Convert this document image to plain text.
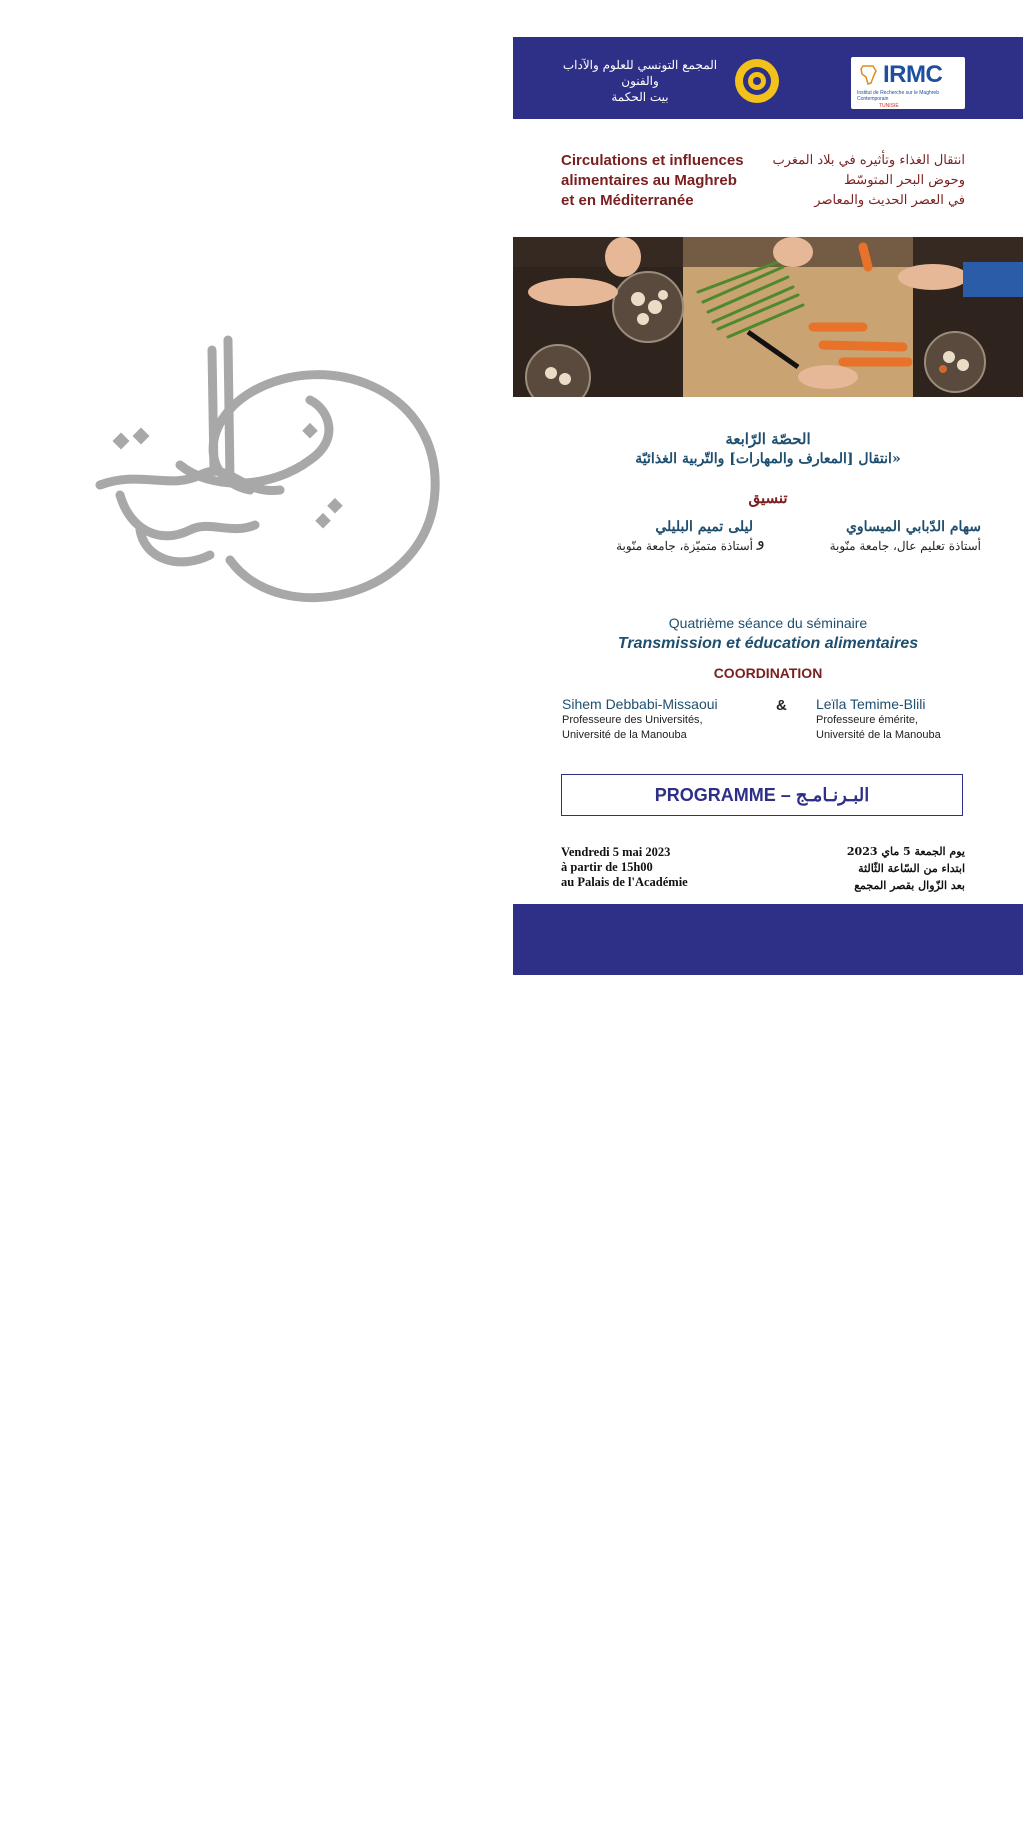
المجمع التونسي للعلوم والآداب والفنون
بيت الحكمة
IRMC
Institut de Recherche sur le Maghreb Contemporain
TUNISIE
Circulations et influences
alimentaires au Maghreb
et en Méditerranée
انتقال الغذاء وتأثيره في بلاد المغرب
وحوض البحر المتوسّط
في العصر الحديث والمعاصر
الحصّة الرّابعة
«انتقال [المعارف والمهارات] والتّربية الغذائيّة
تنسيق
سهام الدّبابي الميساوي
أستاذة تعليم عال، جامعة منّوبة
و
ليلى تميم البليلي
أستاذة متميّزة، جامعة منّوبة
Quatrième séance du séminaire
Transmission et éducation alimentaires
COORDINATION
Sihem Debbabi-Missaoui
Professeure des Universités,
Université de la Manouba
& Leïla Temime-Blili
Professeure émérite,
Université de la Manouba
PROGRAMME – البـرنـامـج
Vendredi 5 mai 2023
à partir de 15h00
au Palais de l'Académie
يوم الجمعة 5 ماي 2023
ابتداء من السّاعة الثّالثة
بعد الزّوال بقصر المجمع
Adresse : 25, Avenue de la République,
Carthage Hannibal - Tunis
Tél : 71 277 278 / 71 731 824
Site web de l'Académie : www.beitalhikma.tn
العنوان: 25، شارع الجمهورية،
قرطاج حنّبعل - تونس
الهاتف: 275 277 71/ 824 731 71
موقع واب المجمع: www.beitalhikma.tn
